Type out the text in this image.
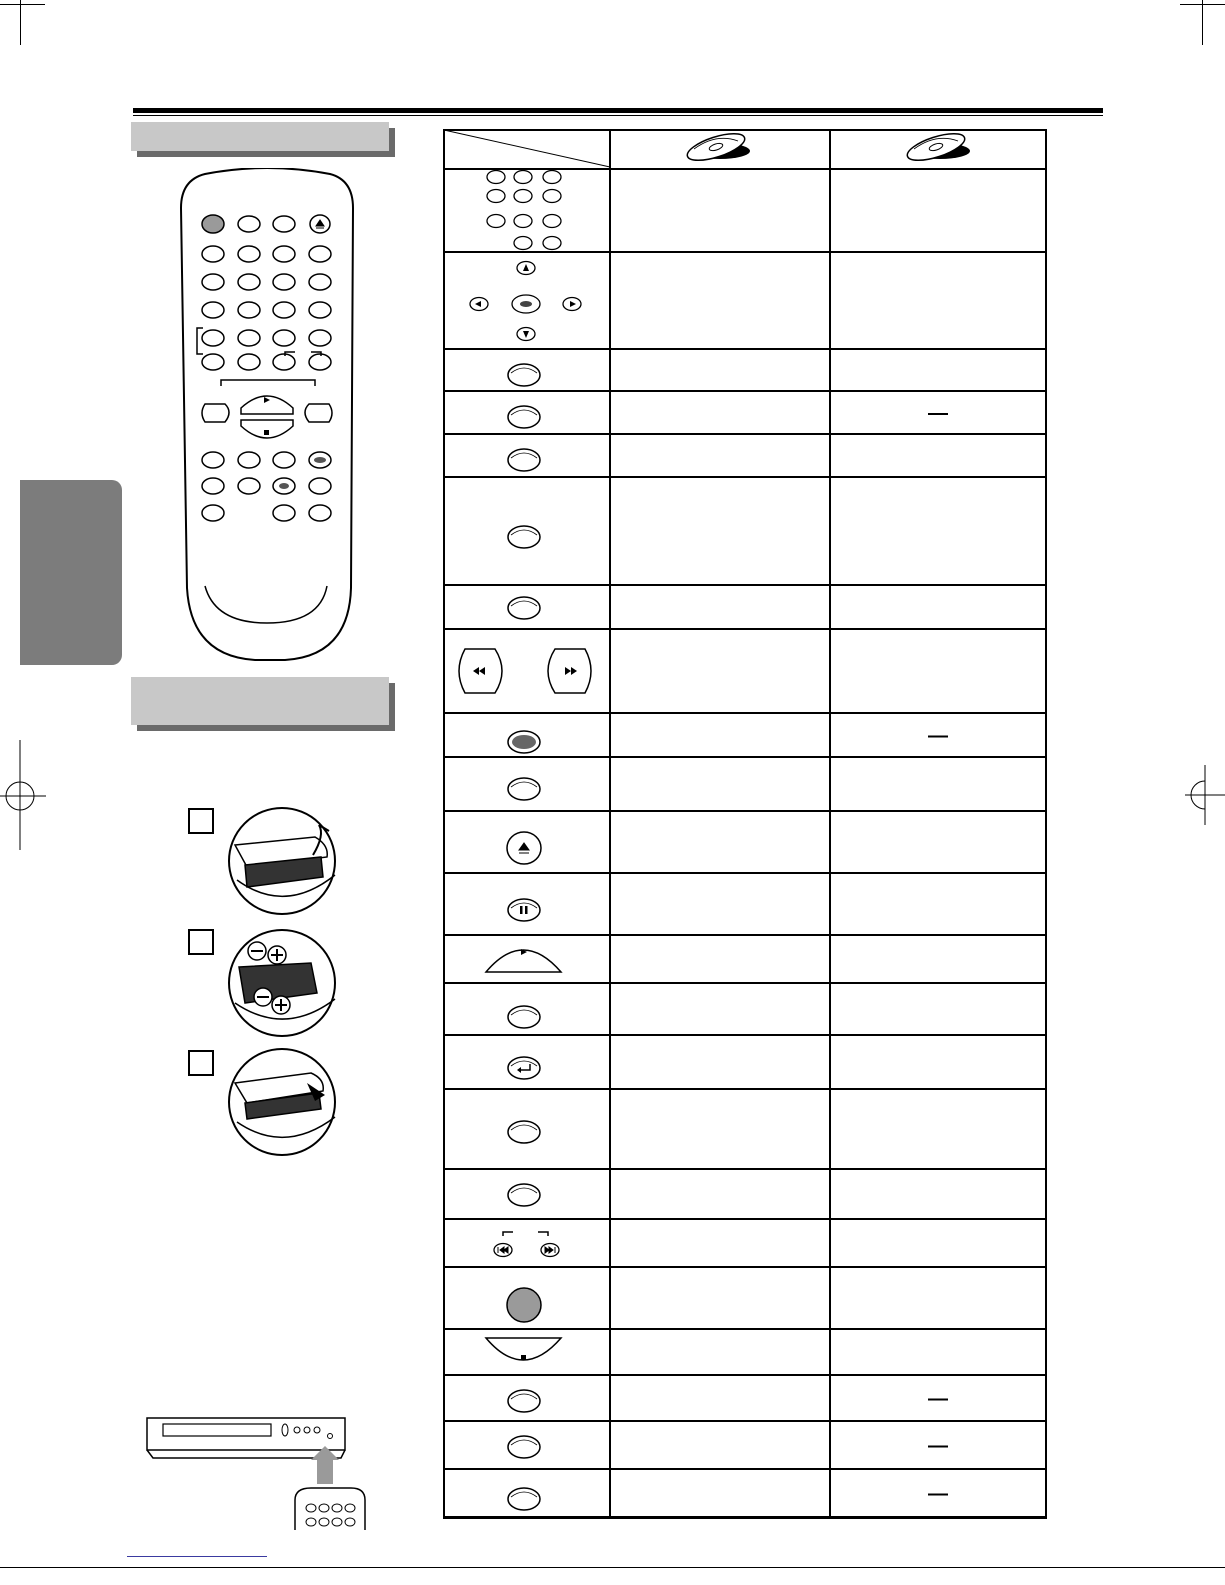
—
—
—
—
—
